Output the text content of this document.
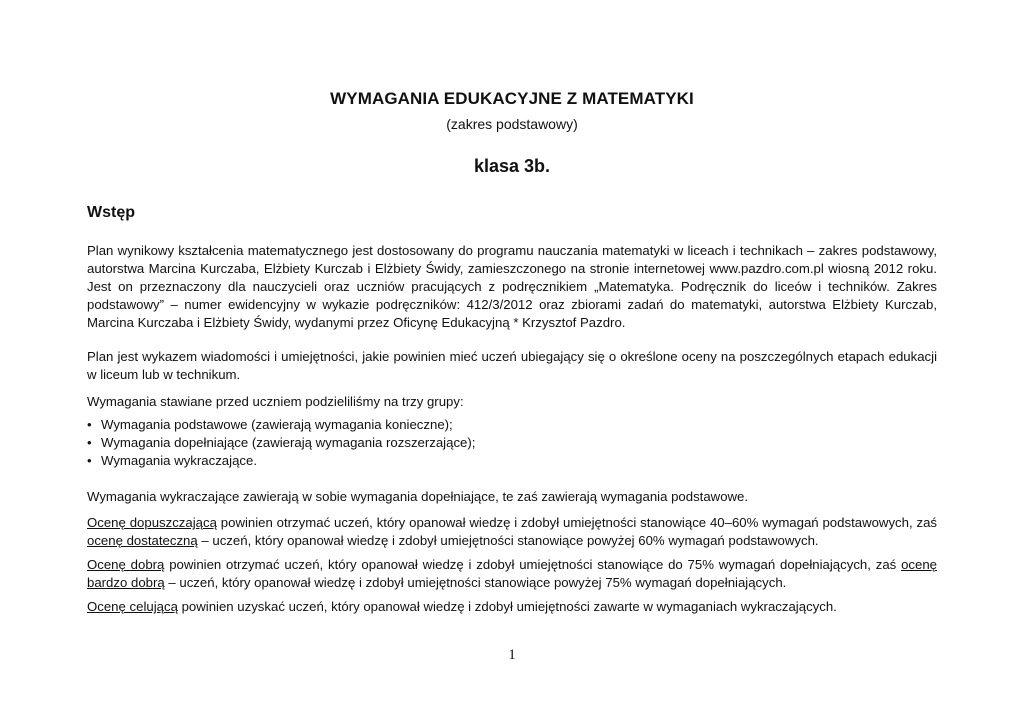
WYMAGANIA EDUKACYJNE Z MATEMATYKI
(zakres podstawowy)
klasa 3b.
Wstęp
Plan wynikowy kształcenia matematycznego jest dostosowany do programu nauczania matematyki w liceach i technikach – zakres podstawowy, autorstwa Marcina Kurczaba, Elżbiety Kurczab i Elżbiety Świdy, zamieszczonego na stronie internetowej www.pazdro.com.pl wiosną 2012 roku. Jest on przeznaczony dla nauczycieli oraz uczniów pracujących z podręcznikiem „Matematyka. Podręcznik do liceów i techników. Zakres podstawowy” – numer ewidencyjny w wykazie podręczników: 412/3/2012 oraz zbiorami zadań do matematyki, autorstwa Elżbiety Kurczab, Marcina Kurczaba i Elżbiety Świdy, wydanymi przez Oficynę Edukacyjną * Krzysztof Pazdro.
Plan jest wykazem wiadomości i umiejętności, jakie powinien mieć uczeń ubiegający się o określone oceny na poszczególnych etapach edukacji w liceum lub w technikum.
Wymagania stawiane przed uczniem podzieliliśmy na trzy grupy:
• Wymagania podstawowe (zawierają wymagania konieczne);
• Wymagania dopełniające (zawierają wymagania rozszerzające);
• Wymagania wykraczające.
Wymagania wykraczające zawierają w sobie wymagania dopełniające, te zaś zawierają wymagania podstawowe.
Ocenę dopuszczającą powinien otrzymać uczeń, który opanował wiedzę i zdobył umiejętności stanowiące 40–60% wymagań podstawowych, zaś ocenę dostateczną – uczeń, który opanował wiedzę i zdobył umiejętności stanowiące powyżej 60% wymagań podstawowych.
Ocenę dobrą powinien otrzymać uczeń, który opanował wiedzę i zdobył umiejętności stanowiące do 75% wymagań dopełniających, zaś ocenę bardzo dobrą – uczeń, który opanował wiedzę i zdobył umiejętności stanowiące powyżej 75% wymagań dopełniających.
Ocenę celującą powinien uzyskać uczeń, który opanował wiedzę i zdobył umiejętności zawarte w wymaganiach wykraczających.
1
